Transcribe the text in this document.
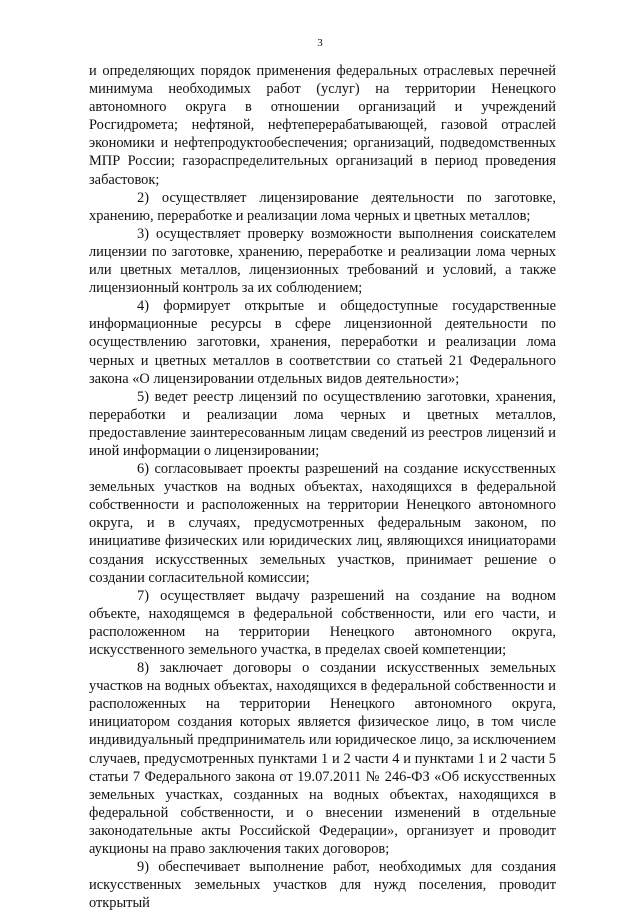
3

и определяющих порядок применения федеральных отраслевых перечней минимума необходимых работ (услуг) на территории Ненецкого автономного округа в отношении организаций и учреждений Росгидромета; нефтяной, нефтеперерабатывающей, газовой отраслей экономики и нефтепродуктообеспечения; организаций, подведомственных МПР России; газораспределительных организаций в период проведения забастовок;

2) осуществляет лицензирование деятельности по заготовке, хранению, переработке и реализации лома черных и цветных металлов;

3) осуществляет проверку возможности выполнения соискателем лицензии по заготовке, хранению, переработке и реализации лома черных или цветных металлов, лицензионных требований и условий, а также лицензионный контроль за их соблюдением;

4) формирует открытые и общедоступные государственные информационные ресурсы в сфере лицензионной деятельности по осуществлению заготовки, хранения, переработки и реализации лома черных и цветных металлов в соответствии со статьей 21 Федерального закона «О лицензировании отдельных видов деятельности»;

5) ведет реестр лицензий по осуществлению заготовки, хранения, переработки и реализации лома черных и цветных металлов, предоставление заинтересованным лицам сведений из реестров лицензий и иной информации о лицензировании;

6) согласовывает проекты разрешений на создание искусственных земельных участков на водных объектах, находящихся в федеральной собственности и расположенных на территории Ненецкого автономного округа, и в случаях, предусмотренных федеральным законом, по инициативе физических или юридических лиц, являющихся инициаторами создания искусственных земельных участков, принимает решение о создании согласительной комиссии;

7) осуществляет выдачу разрешений на создание на водном объекте, находящемся в федеральной собственности, или его части, и расположенном на территории Ненецкого автономного округа, искусственного земельного участка, в пределах своей компетенции;

8) заключает договоры о создании искусственных земельных участков на водных объектах, находящихся в федеральной собственности и расположенных на территории Ненецкого автономного округа, инициатором создания которых является физическое лицо, в том числе индивидуальный предприниматель или юридическое лицо, за исключением случаев, предусмотренных пунктами 1 и 2 части 4 и пунктами 1 и 2 части 5 статьи 7 Федерального закона от 19.07.2011 № 246-ФЗ «Об искусственных земельных участках, созданных на водных объектах, находящихся в федеральной собственности, и о внесении изменений в отдельные законодательные акты Российской Федерации», организует и проводит аукционы на право заключения таких договоров;

9) обеспечивает выполнение работ, необходимых для создания искусственных земельных участков для нужд поселения, проводит открытый
